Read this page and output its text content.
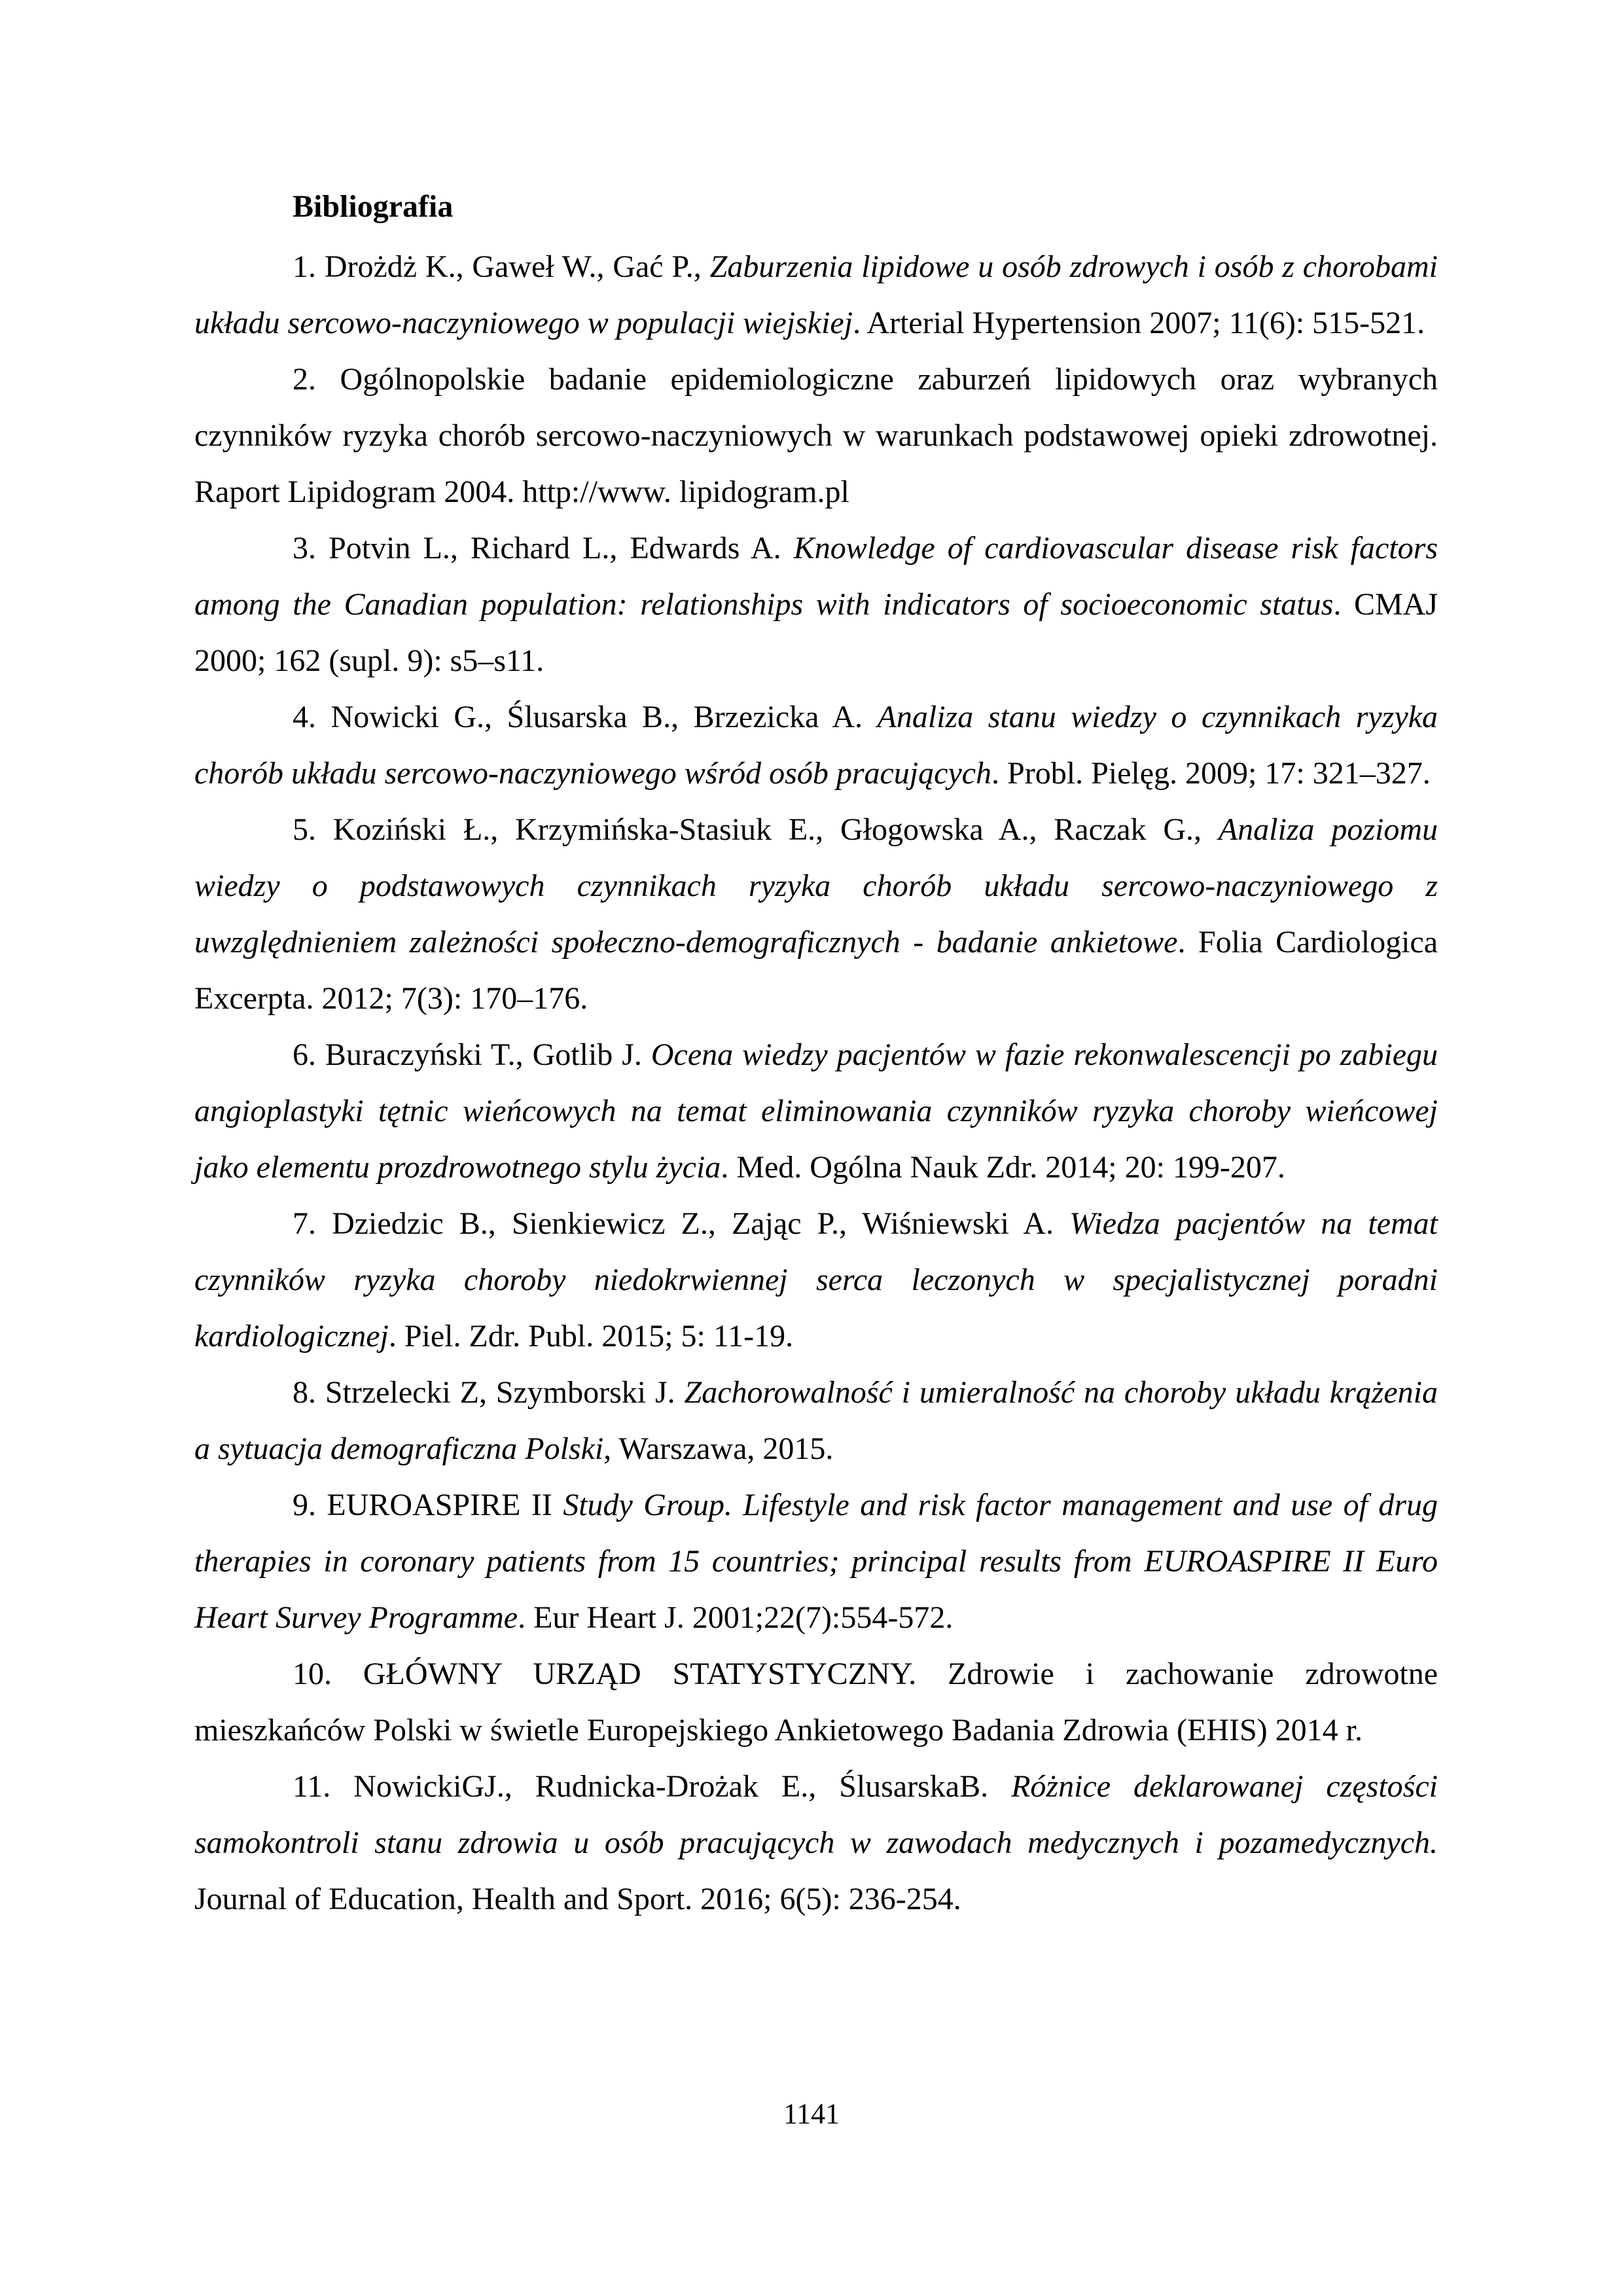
Bibliografia

1. Drożdż K., Gaweł W., Gać P., Zaburzenia lipidowe u osób zdrowych i osób z chorobami układu sercowo-naczyniowego w populacji wiejskiej. Arterial Hypertension 2007; 11(6): 515-521.

2. Ogólnopolskie badanie epidemiologiczne zaburzeń lipidowych oraz wybranych czynników ryzyka chorób sercowo-naczyniowych w warunkach podstawowej opieki zdrowotnej. Raport Lipidogram 2004. http://www. lipidogram.pl

3. Potvin L., Richard L., Edwards A. Knowledge of cardiovascular disease risk factors among the Canadian population: relationships with indicators of socioeconomic status. CMAJ 2000; 162 (supl. 9): s5–s11.

4. Nowicki G., Ślusarska B., Brzezicka A. Analiza stanu wiedzy o czynnikach ryzyka chorób układu sercowo-naczyniowego wśród osób pracujących. Probl. Pielęg. 2009; 17: 321–327.

5. Koziński Ł., Krzymińska-Stasiuk E., Głogowska A., Raczak G., Analiza poziomu wiedzy o podstawowych czynnikach ryzyka chorób układu sercowo-naczyniowego z uwzględnieniem zależności społeczno-demograficznych - badanie ankietowe. Folia Cardiologica Excerpta. 2012; 7(3): 170–176.

6. Buraczyński T., Gotlib J. Ocena wiedzy pacjentów w fazie rekonwalescencji po zabiegu angioplastyki tętnic wieńcowych na temat eliminowania czynników ryzyka choroby wieńcowej jako elementu prozdrowotnego stylu życia. Med. Ogólna Nauk Zdr. 2014; 20: 199-207.

7. Dziedzic B., Sienkiewicz Z., Zając P., Wiśniewski A. Wiedza pacjentów na temat czynników ryzyka choroby niedokrwiennej serca leczonych w specjalistycznej poradni kardiologicznej. Piel. Zdr. Publ. 2015; 5: 11-19.

8. Strzelecki Z, Szymborski J. Zachorowalność i umieralność na choroby układu krążenia a sytuacja demograficzna Polski, Warszawa, 2015.

9. EUROASPIRE II Study Group. Lifestyle and risk factor management and use of drug therapies in coronary patients from 15 countries; principal results from EUROASPIRE II Euro Heart Survey Programme. Eur Heart J. 2001;22(7):554-572.

10. GŁÓWNY URZĄD STATYSTYCZNY. Zdrowie i zachowanie zdrowotne mieszkańców Polski w świetle Europejskiego Ankietowego Badania Zdrowia (EHIS) 2014 r.

11. NowickiGJ., Rudnicka-Drożak E., ŚlusarskaB. Różnice deklarowanej częstości samokontroli stanu zdrowia u osób pracujących w zawodach medycznych i pozamedycznych. Journal of Education, Health and Sport. 2016; 6(5): 236-254.

1141
